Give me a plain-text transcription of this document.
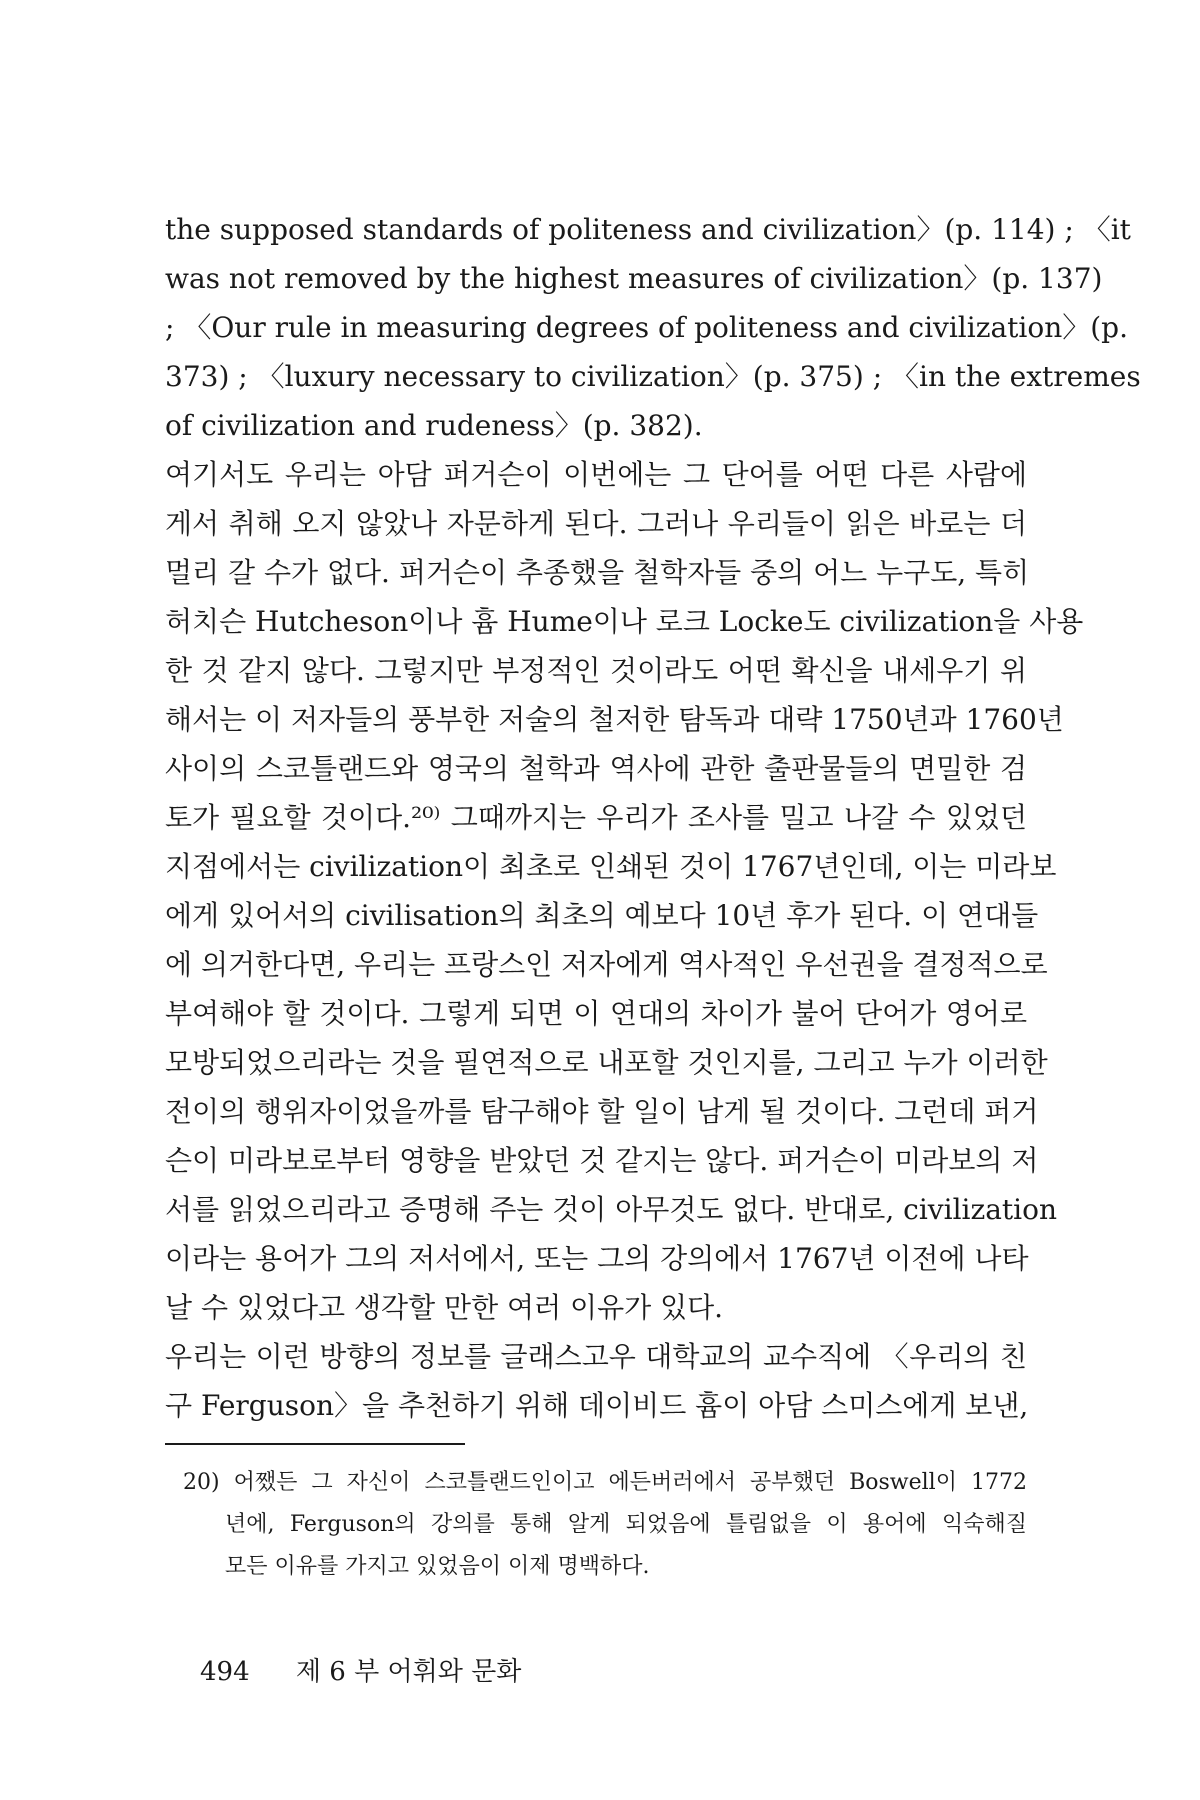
the supposed standards of politeness and civilization〉(p. 114) ; 〈it
was not removed by the highest measures of civilization〉(p. 137)
; 〈Our rule in measuring degrees of politeness and civilization〉(p.
373) ; 〈luxury necessary to civilization〉(p. 375) ; 〈in the extremes
of civilization and rudeness〉(p. 382).
여기서도 우리는 아담 퍼거슨이 이번에는 그 단어를 어떤 다른 사람에
게서 취해 오지 않았나 자문하게 된다. 그러나 우리들이 읽은 바로는 더
멀리 갈 수가 없다. 퍼거슨이 추종했을 철학자들 중의 어느 누구도, 특히
허치슨 Hutcheson이나 흄 Hume이나 로크 Locke도 civilization을 사용
한 것 같지 않다. 그렇지만 부정적인 것이라도 어떤 확신을 내세우기 위
해서는 이 저자들의 풍부한 저술의 철저한 탐독과 대략 1750년과 1760년
사이의 스코틀랜드와 영국의 철학과 역사에 관한 출판물들의 면밀한 검
토가 필요할 것이다.²⁰⁾ 그때까지는 우리가 조사를 밀고 나갈 수 있었던
지점에서는 civilization이 최초로 인쇄된 것이 1767년인데, 이는 미라보
에게 있어서의 civilisation의 최초의 예보다 10년 후가 된다. 이 연대들
에 의거한다면, 우리는 프랑스인 저자에게 역사적인 우선권을 결정적으로
부여해야 할 것이다. 그렇게 되면 이 연대의 차이가 불어 단어가 영어로
모방되었으리라는 것을 필연적으로 내포할 것인지를, 그리고 누가 이러한
전이의 행위자이었을까를 탐구해야 할 일이 남게 될 것이다. 그런데 퍼거
슨이 미라보로부터 영향을 받았던 것 같지는 않다. 퍼거슨이 미라보의 저
서를 읽었으리라고 증명해 주는 것이 아무것도 없다. 반대로, civilization
이라는 용어가 그의 저서에서, 또는 그의 강의에서 1767년 이전에 나타
날 수 있었다고 생각할 만한 여러 이유가 있다.
우리는 이런 방향의 정보를 글래스고우 대학교의 교수직에 〈우리의 친
구 Ferguson〉을 추천하기 위해 데이비드 흄이 아담 스미스에게 보낸,
20) 어쨌든 그 자신이 스코틀랜드인이고 에든버러에서 공부했던 Boswell이 1772
년에, Ferguson의 강의를 통해 알게 되었음에 틀림없을 이 용어에 익숙해질
모든 이유를 가지고 있었음이 이제 명백하다.
494 제 6 부 어휘와 문화
